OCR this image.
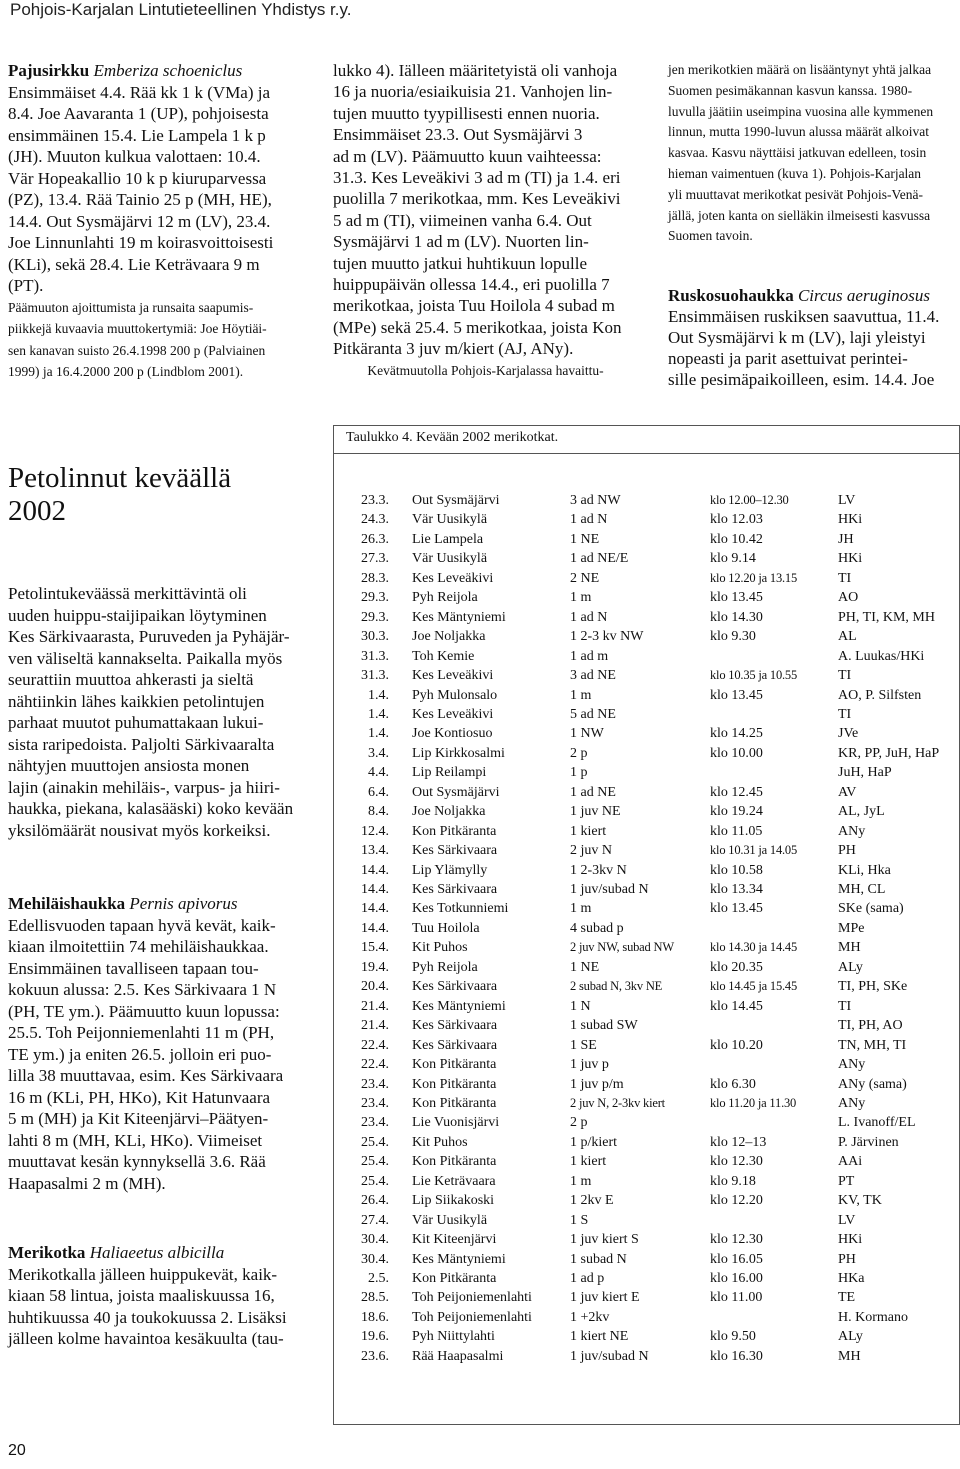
Pohjois-Karjalan Lintutieteellinen Yhdistys r.y.
Pajusirkku Emberiza schoeniclus
Ensimmäiset 4.4. Rää kk 1 k (VMa) ja
8.4. Joe Aavaranta 1 (UP), pohjoisesta
ensimmäinen 15.4. Lie Lampela 1 k p
(JH). Muuton kulkua valottaen: 10.4.
Vär Hopeakallio 10 k p kiuruparvessa
(PZ), 13.4. Rää Tainio 25 p (MH, HE),
14.4. Out Sysmäjärvi 12 m (LV), 23.4.
Joe Linnunlahti 19 m koirasvoittoisesti
(KLi), sekä 28.4. Lie Keträvaara 9 m
(PT).
Päämuuton ajoittumista ja runsaita saapumis-
piikkejä kuvaavia muuttokertymiä: Joe Höytiäi-
sen kanavan suisto 26.4.1998 200 p (Palviainen
1999) ja 16.4.2000 200 p (Lindblom 2001).
lukko 4). Iälleen määritetyistä oli vanhoja
16 ja nuoria/esiaikuisia 21. Vanhojen lin-
tujen muutto tyypillisesti ennen nuoria.
Ensimmäiset 23.3. Out Sysmäjärvi 3
ad m (LV). Päämuutto kuun vaihteessa:
31.3. Kes Leveäkivi 3 ad m (TI) ja 1.4. eri
puolilla 7 merikotkaa, mm. Kes Leveäkivi
5 ad m (TI), viimeinen vanha 6.4. Out
Sysmäjärvi 1 ad m (LV). Nuorten lin-
tujen muutto jatkui huhtikuun lopulle
huippupäivän ollessa 14.4., eri puolilla 7
merikotkaa, joista Tuu Hoilola 4 subad m
(MPe) sekä 25.4. 5 merikotkaa, joista Kon
Pitkäranta 3 juv m/kiert (AJ, ANy).
Kevätmuutolla Pohjois-Karjalassa havaittu-
jen merikotkien määrä on lisääntynyt yhtä jalkaa
Suomen pesimäkannan kasvun kanssa. 1980-
luvulla jäätiin useimpina vuosina alle kymmenen
linnun, mutta 1990-luvun alussa määrät alkoivat
kasvaa. Kasvu näyttäisi jatkuvan edelleen, tosin
hieman vaimentuen (kuva 1). Pohjois-Karjalan
yli muuttavat merikotkat pesivät Pohjois-Venä-
jällä, joten kanta on sielläkin ilmeisesti kasvussa
Suomen tavoin.
Ruskosuohaukka Circus aeruginosus
Ensimmäisen ruskiksen saavuttua, 11.4.
Out Sysmäjärvi k m (LV), laji yleistyi
nopeasti ja parit asettuivat perintei-
sille pesimäpaikoilleen, esim. 14.4. Joe
Petolinnut keväällä
2002
Petolintukeväässä merkittävintä oli
uuden huippu-staijipaikan löytyminen
Kes Särkivaarasta, Puruveden ja Pyhäjär-
ven väliseltä kannakselta. Paikalla myös
seurattiin muuttoa ahkerasti ja sieltä
nähtiinkin lähes kaikkien petolintujen
parhaat muutot puhumattakaan lukui-
sista raripedoista. Paljolti Särkivaaralta
nähtyjen muuttojen ansiosta monen
lajin (ainakin mehiläis-, varpus- ja hiiri-
haukka, piekana, kalasääski) koko kevään
yksilömäärät nousivat myös korkeiksi.
Mehiläishaukka Pernis apivorus
Edellisvuoden tapaan hyvä kevät, kaik-
kiaan ilmoitettiin 74 mehiläishaukkaa.
Ensimmäinen tavalliseen tapaan tou-
kokuun alussa: 2.5. Kes Särkivaara 1 N
(PH, TE ym.). Päämuutto kuun lopussa:
25.5. Toh Peijonniemenlahti 11 m (PH,
TE ym.) ja eniten 26.5. jolloin eri puo-
lilla 38 muuttavaa, esim. Kes Särkivaara
16 m (KLi, PH, HKo), Kit Hatunvaara
5 m (MH) ja Kit Kiteenjärvi–Päätyen-
lahti 8 m (MH, KLi, HKo). Viimeiset
muuttavat kesän kynnyksellä 3.6. Rää
Haapasalmi 2 m (MH).
Merikotka Haliaeetus albicilla
Merikotkalla jälleen huippukevät, kaik-
kiaan 58 lintua, joista maaliskuussa 16,
huhtikuussa 40 ja toukokuussa 2. Lisäksi
jälleen kolme havaintoa kesäkuulta (tau-
Taulukko 4. Kevään 2002 merikotkat.
23.3. Out Sysmäjärvi	3 ad NW	klo 12.00–12.30	LV
24.3. Vär Uusikylä	1 ad N	klo 12.03	HKi
26.3. Lie Lampela	1 NE	klo 10.42	JH
27.3. Vär Uusikylä	1 ad NE/E	klo 9.14	HKi
28.3. Kes Leveäkivi	2 NE	klo 12.20 ja 13.15	TI
29.3. Pyh Reijola	1 m	klo 13.45	AO
29.3. Kes Mäntyniemi	1 ad N	klo 14.30	PH, TI, KM, MH
30.3. Joe Noljakka	1 2-3 kv NW	klo 9.30	AL
31.3. Toh Kemie	1 ad m	A. Luukas/HKi
31.3. Kes Leveäkivi	3 ad NE	klo 10.35 ja 10.55	TI
1.4. Pyh Mulonsalo	1 m	klo 13.45	AO, P. Silfsten
1.4. Kes Leveäkivi	5 ad NE	TI
1.4. Joe Kontiosuo	1 NW	klo 14.25	JVe
3.4. Lip Kirkkosalmi	2 p	klo 10.00	KR, PP, JuH, HaP
4.4. Lip Reilampi	1 p	JuH, HaP
6.4. Out Sysmäjärvi	1 ad NE	klo 12.45	AV
8.4. Joe Noljakka	1 juv NE	klo 19.24	AL, JyL
12.4. Kon Pitkäranta	1 kiert	klo 11.05	ANy
13.4. Kes Särkivaara	2 juv N	klo 10.31 ja 14.05	PH
14.4. Lip Ylämylly	1 2-3kv N	klo 10.58	KLi, Hka
14.4. Kes Särkivaara	1 juv/subad N	klo 13.34	MH, CL
14.4. Kes Totkunniemi	1 m	klo 13.45	SKe (sama)
14.4. Tuu Hoilola	4 subad p	MPe
15.4. Kit Puhos	2 juv NW, subad NW	klo 14.30 ja 14.45	MH
19.4. Pyh Reijola	1 NE	klo 20.35	ALy
20.4. Kes Särkivaara	2 subad N, 3kv NE	klo 14.45 ja 15.45	TI, PH, SKe
21.4. Kes Mäntyniemi	1 N	klo 14.45	TI
21.4. Kes Särkivaara	1 subad SW	TI, PH, AO
22.4. Kes Särkivaara	1 SE	klo 10.20	TN, MH, TI
22.4. Kon Pitkäranta	1 juv p	ANy
23.4. Kon Pitkäranta	1 juv p/m	klo 6.30	ANy (sama)
23.4. Kon Pitkäranta	2 juv N, 2-3kv kiert	klo 11.20 ja 11.30	ANy
23.4. Lie Vuonisjärvi	2 p	L. Ivanoff/EL
25.4. Kit Puhos	1 p/kiert	klo 12–13	P. Järvinen
25.4. Kon Pitkäranta	1 kiert	klo 12.30	AAi
25.4. Lie Keträvaara	1 m	klo 9.18	PT
26.4. Lip Siikakoski	1 2kv E	klo 12.20	KV, TK
27.4. Vär Uusikylä	1 S	LV
30.4. Kit Kiteenjärvi	1 juv kiert S	klo 12.30	HKi
30.4. Kes Mäntyniemi	1 subad N	klo 16.05	PH
2.5. Kon Pitkäranta	1 ad p	klo 16.00	HKa
28.5. Toh Peijoniemenlahti	1 juv kiert E	klo 11.00	TE
18.6. Toh Peijoniemenlahti	1 +2kv	H. Kormano
19.6. Pyh Niittylahti	1 kiert NE	klo 9.50	ALy
23.6. Rää Haapasalmi	1 juv/subad N	klo 16.30	MH
20
